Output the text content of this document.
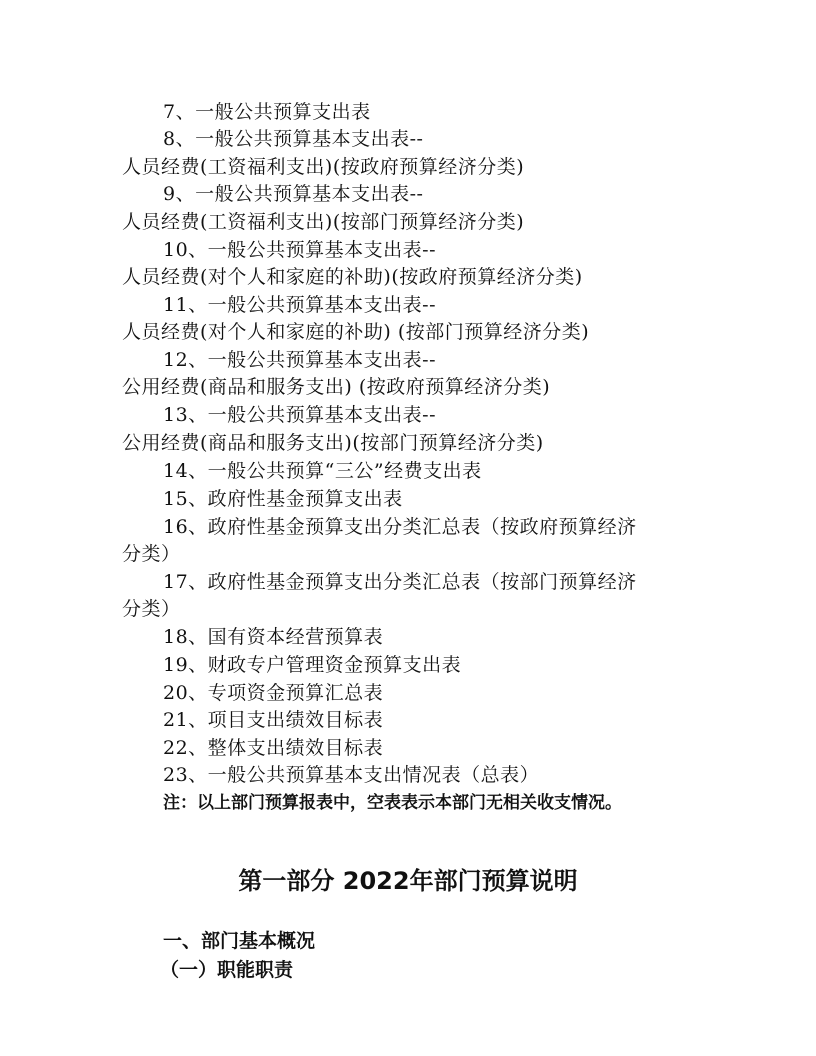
7、一般公共预算支出表
8、一般公共预算基本支出表--
人员经费(工资福利支出)(按政府预算经济分类)
9、一般公共预算基本支出表--
人员经费(工资福利支出)(按部门预算经济分类)
10、一般公共预算基本支出表--
人员经费(对个人和家庭的补助)(按政府预算经济分类)
11、一般公共预算基本支出表--
人员经费(对个人和家庭的补助) (按部门预算经济分类)
12、一般公共预算基本支出表--
公用经费(商品和服务支出) (按政府预算经济分类)
13、一般公共预算基本支出表--
公用经费(商品和服务支出)(按部门预算经济分类)
14、一般公共预算“三公”经费支出表
15、政府性基金预算支出表
16、政府性基金预算支出分类汇总表（按政府预算经济
分类）
17、政府性基金预算支出分类汇总表（按部门预算经济
分类）
18、国有资本经营预算表
19、财政专户管理资金预算支出表
20、专项资金预算汇总表
21、项目支出绩效目标表
22、整体支出绩效目标表
23、一般公共预算基本支出情况表（总表）
注：以上部门预算报表中，空表表示本部门无相关收支情况。
第一部分 2022年部门预算说明
一、部门基本概况
（一）职能职责
